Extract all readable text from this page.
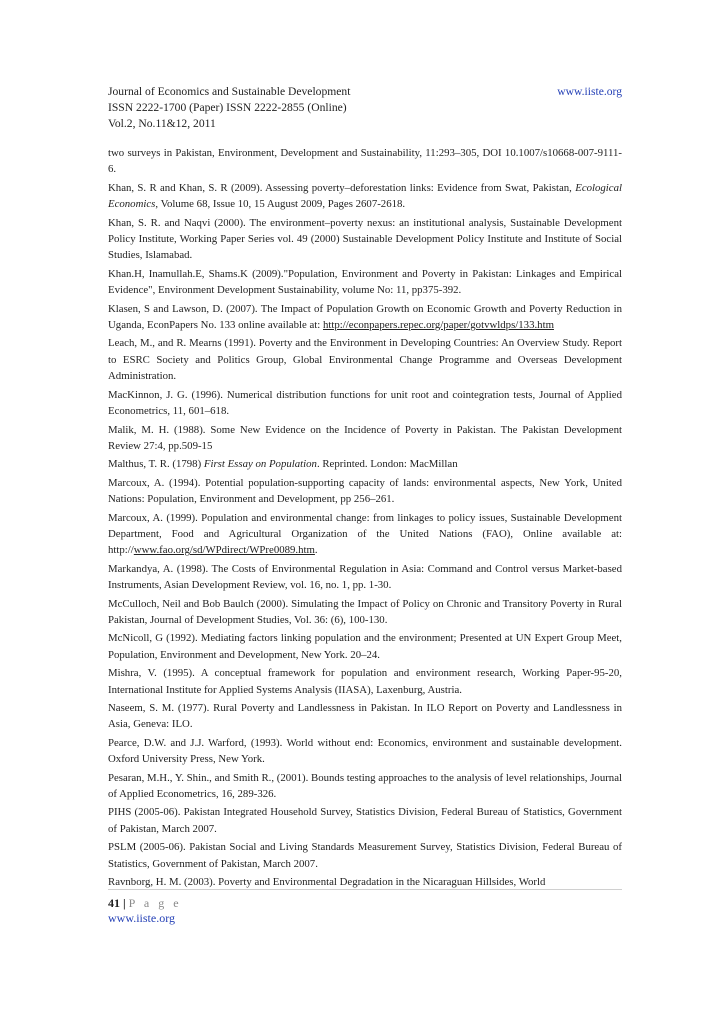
Journal of Economics and Sustainable Development	www.iiste.org
ISSN 2222-1700 (Paper) ISSN 2222-2855 (Online)
Vol.2, No.11&12, 2011

two surveys in Pakistan, Environment, Development and Sustainability, 11:293–305, DOI 10.1007/s10668-007-9111-6.

Khan, S. R and Khan, S. R (2009). Assessing poverty–deforestation links: Evidence from Swat, Pakistan, Ecological Economics, Volume 68, Issue 10, 15 August 2009, Pages 2607-2618.

Khan, S. R. and Naqvi (2000). The environment–poverty nexus: an institutional analysis, Sustainable Development Policy Institute, Working Paper Series vol. 49 (2000) Sustainable Development Policy Institute and Institute of Social Studies, Islamabad.

Khan.H, Inamullah.E, Shams.K (2009)."Population, Environment and Poverty in Pakistan: Linkages and Empirical Evidence", Environment Development Sustainability, volume No: 11, pp375-392.

Klasen, S and Lawson, D. (2007). The Impact of Population Growth on Economic Growth and Poverty Reduction in Uganda, EconPapers No. 133 online available at: http://econpapers.repec.org/paper/gotvwldps/133.htm

Leach, M., and R. Mearns (1991). Poverty and the Environment in Developing Countries: An Overview Study. Report to ESRC Society and Politics Group, Global Environmental Change Programme and Overseas Development Administration.

MacKinnon, J. G. (1996). Numerical distribution functions for unit root and cointegration tests, Journal of Applied Econometrics, 11, 601–618.

Malik, M. H. (1988). Some New Evidence on the Incidence of Poverty in Pakistan. The Pakistan Development Review 27:4, pp.509-15

Malthus, T. R. (1798) First Essay on Population. Reprinted. London: MacMillan

Marcoux, A. (1994). Potential population-supporting capacity of lands: environmental aspects, New York, United Nations: Population, Environment and Development, pp 256–261.

Marcoux, A. (1999). Population and environmental change: from linkages to policy issues, Sustainable Development Department, Food and Agricultural Organization of the United Nations (FAO), Online available at: http://www.fao.org/sd/WPdirect/WPre0089.htm.

Markandya, A. (1998). The Costs of Environmental Regulation in Asia: Command and Control versus Market-based Instruments, Asian Development Review, vol. 16, no. 1, pp. 1-30.

McCulloch, Neil and Bob Baulch (2000). Simulating the Impact of Policy on Chronic and Transitory Poverty in Rural Pakistan, Journal of Development Studies, Vol. 36: (6), 100-130.

McNicoll, G (1992). Mediating factors linking population and the environment; Presented at UN Expert Group Meet, Population, Environment and Development, New York. 20–24.

Mishra, V. (1995). A conceptual framework for population and environment research, Working Paper-95-20, International Institute for Applied Systems Analysis (IIASA), Laxenburg, Austria.

Naseem, S. M. (1977). Rural Poverty and Landlessness in Pakistan. In ILO Report on Poverty and Landlessness in Asia, Geneva: ILO.

Pearce, D.W. and J.J. Warford, (1993). World without end: Economics, environment and sustainable development. Oxford University Press, New York.

Pesaran, M.H., Y. Shin., and Smith R., (2001). Bounds testing approaches to the analysis of level relationships, Journal of Applied Econometrics, 16, 289-326.

PIHS (2005-06). Pakistan Integrated Household Survey, Statistics Division, Federal Bureau of Statistics, Government of Pakistan, March 2007.

PSLM (2005-06). Pakistan Social and Living Standards Measurement Survey, Statistics Division, Federal Bureau of Statistics, Government of Pakistan, March 2007.

Ravnborg, H. M. (2003). Poverty and Environmental Degradation in the Nicaraguan Hillsides, World

41 | P a g e
www.iiste.org
